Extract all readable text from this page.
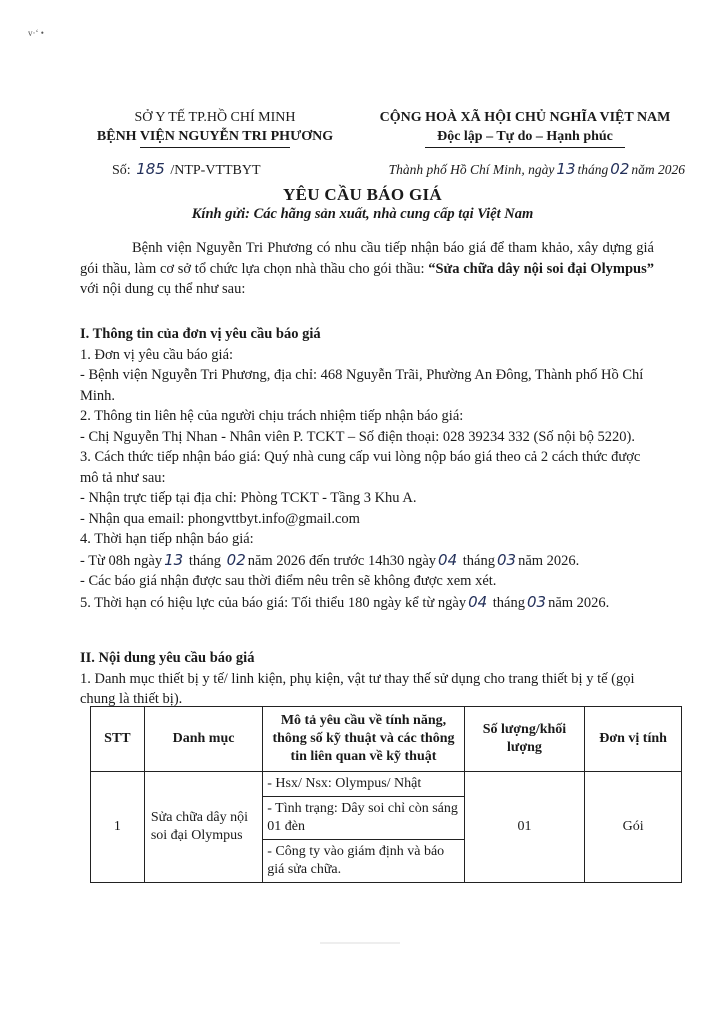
v·‘ •
SỞ Y TẾ TP.HỒ CHÍ MINH
BỆNH VIỆN NGUYỄN TRI PHƯƠNG
CỘNG HOÀ XÃ HỘI CHỦ NGHĨA VIỆT NAM
Độc lập – Tự do – Hạnh phúc
Số: 185 /NTP-VTTBYT	Thành phố Hồ Chí Minh, ngày 13 tháng 02 năm 2026
YÊU CẦU BÁO GIÁ
Kính gửi: Các hãng sản xuất, nhà cung cấp tại Việt Nam
Bệnh viện Nguyễn Tri Phương có nhu cầu tiếp nhận báo giá để tham khảo, xây dựng giá gói thầu, làm cơ sở tổ chức lựa chọn nhà thầu cho gói thầu: “Sửa chữa dây nội soi đại Olympus” với nội dung cụ thể như sau:
I. Thông tin của đơn vị yêu cầu báo giá
1. Đơn vị yêu cầu báo giá:
- Bệnh viện Nguyễn Tri Phương, địa chỉ: 468 Nguyễn Trãi, Phường An Đông, Thành phố Hồ Chí Minh.
2. Thông tin liên hệ của người chịu trách nhiệm tiếp nhận báo giá:
- Chị Nguyễn Thị Nhan - Nhân viên P. TCKT – Số điện thoại: 028 39234 332 (Số nội bộ 5220).
3. Cách thức tiếp nhận báo giá: Quý nhà cung cấp vui lòng nộp báo giá theo cả 2 cách thức được mô tả như sau:
- Nhận trực tiếp tại địa chỉ: Phòng TCKT - Tầng 3 Khu A.
- Nhận qua email: phongvttbyt.info@gmail.com
4. Thời hạn tiếp nhận báo giá:
- Từ 08h ngày 13 tháng 02 năm 2026 đến trước 14h30 ngày 04 tháng 03 năm 2026.
- Các báo giá nhận được sau thời điểm nêu trên sẽ không được xem xét.
5. Thời hạn có hiệu lực của báo giá: Tối thiểu 180 ngày kể từ ngày 04 tháng 03 năm 2026.
II. Nội dung yêu cầu báo giá
1. Danh mục thiết bị y tế/ linh kiện, phụ kiện, vật tư thay thế sử dụng cho trang thiết bị y tế (gọi chung là thiết bị).
STT	Danh mục	Mô tả yêu cầu về tính năng, thông số kỹ thuật và các thông tin liên quan về kỹ thuật	Số lượng/khối lượng	Đơn vị tính
1	Sửa chữa dây nội soi đại Olympus	- Hsx/ Nsx: Olympus/ Nhật
- Tình trạng: Dây soi chỉ còn sáng 01 đèn
- Công ty vào giám định và báo giá sửa chữa.	01	Gói
